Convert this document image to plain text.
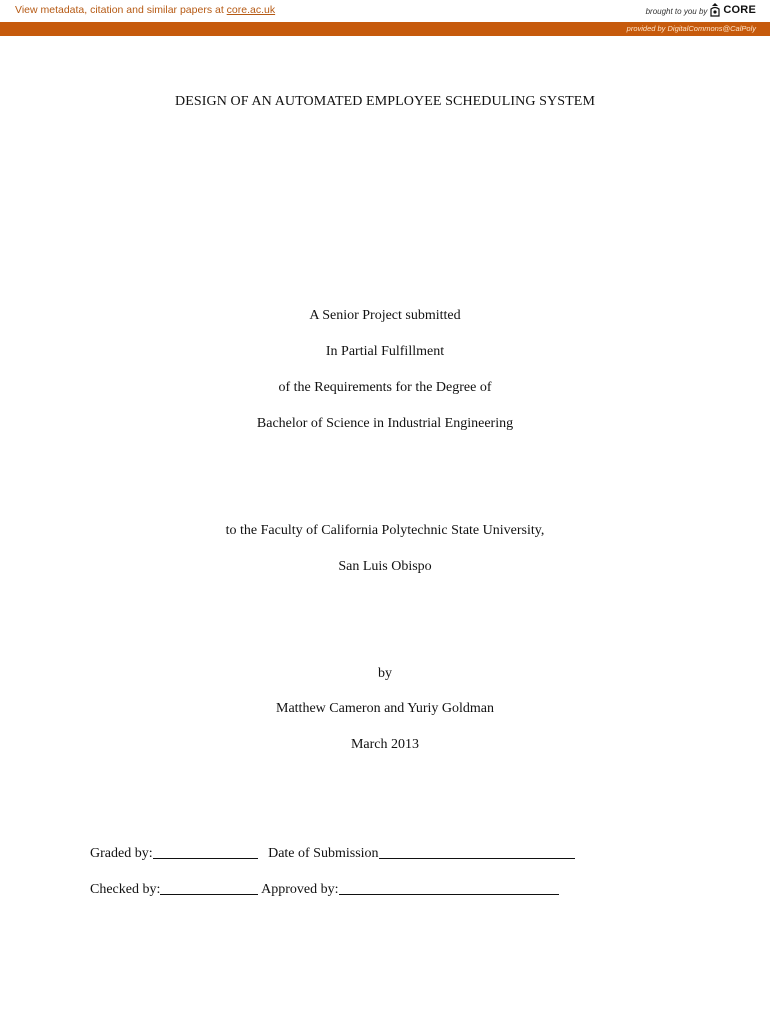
View metadata, citation and similar papers at core.ac.uk	brought to you by CORE
provided by DigitalCommons@CalPoly
DESIGN OF AN AUTOMATED EMPLOYEE SCHEDULING SYSTEM
A Senior Project submitted
In Partial Fulfillment
of the Requirements for the Degree of
Bachelor of Science in Industrial Engineering
to the Faculty of California Polytechnic State University,
San Luis Obispo
by
Matthew Cameron and Yuriy Goldman
March 2013
Graded by:	Date of Submission
Checked by:	Approved by:
